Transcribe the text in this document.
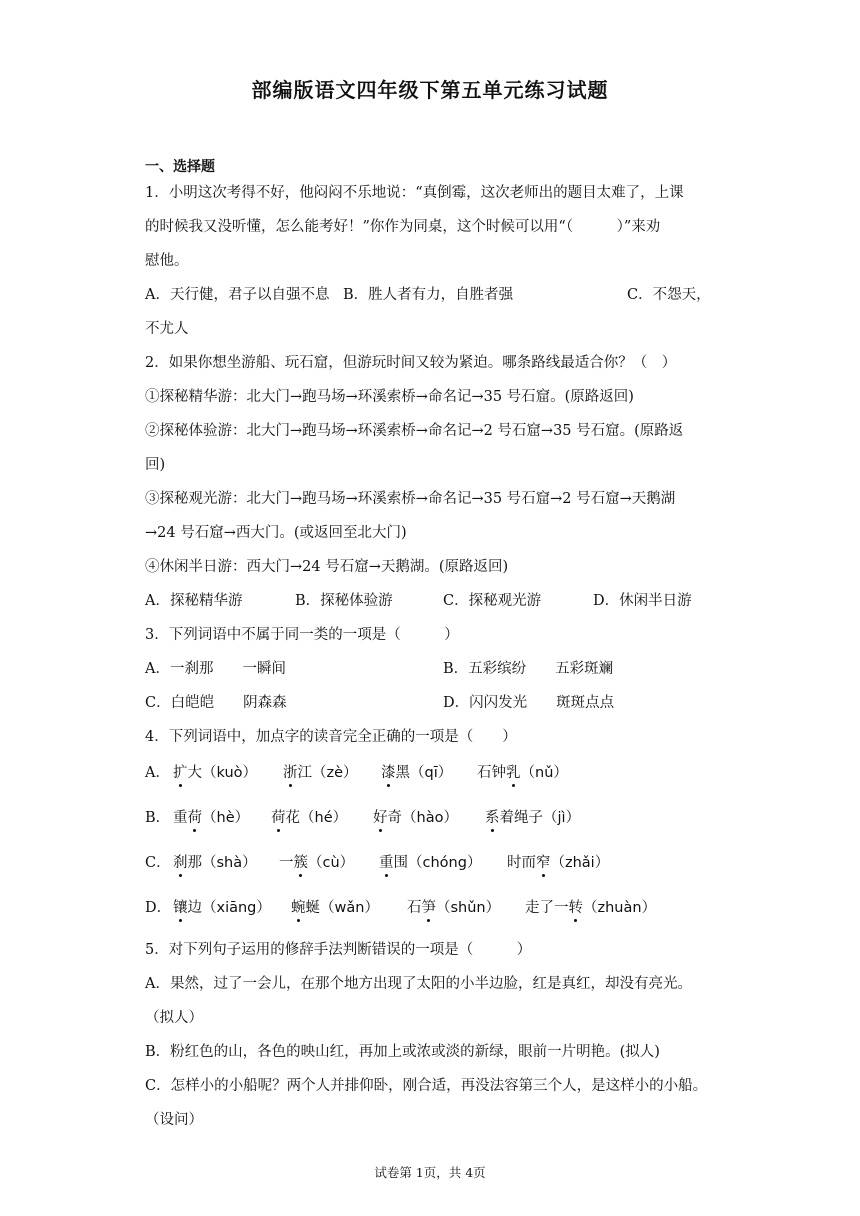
部编版语文四年级下第五单元练习试题
一、选择题
1．小明这次考得不好，他闷闷不乐地说：“真倒霉，这次老师出的题目太难了，上课
的时候我又没听懂，怎么能考好！”你作为同桌，这个时候可以用“（　　　）”来劝
慰他。
A．天行健，君子以自强不息 B．胜人者有力，自胜者强	C．不怨天，
不尤人
2．如果你想坐游船、玩石窟，但游玩时间又较为紧迫。哪条路线最适合你？（　）
①探秘精华游：北大门→跑马场→环溪索桥→命名记→35 号石窟。(原路返回)
②探秘体验游：北大门→跑马场→环溪索桥→命名记→2 号石窟→35 号石窟。(原路返
回)
③探秘观光游：北大门→跑马场→环溪索桥→命名记→35 号石窟→2 号石窟→天鹅湖
→24 号石窟→西大门。(或返回至北大门)
④休闲半日游：西大门→24 号石窟→天鹅湖。(原路返回)
A．探秘精华游	B．探秘体验游	C．探秘观光游	D．休闲半日游
3．下列词语中不属于同一类的一项是（　　　）
A．一刹那　　一瞬间	B．五彩缤纷　　五彩斑斓
C．白皑皑　　阴森森	D．闪闪发光　　斑斑点点
4．下列词语中，加点字的读音完全正确的一项是（　　）
A． 扩大（kuò） 浙江（zè） 漆黑（qī） 石钟乳（nǔ）
B． 重荷（hè） 荷花（hé） 好奇（hào） 系着绳子（jì）
C． 刹那（shà） 一簇（cù） 重围（chóng） 时而窄（zhǎi）
D． 镶边（xiāng） 蜿蜒（wǎn） 石笋（shǔn） 走了一转（zhuàn）
5．对下列句子运用的修辞手法判断错误的一项是（　　　）
A．果然，过了一会儿，在那个地方出现了太阳的小半边脸，红是真红，却没有亮光。
（拟人）
B．粉红色的山，各色的映山红，再加上或浓或淡的新绿，眼前一片明艳。(拟人)
C．怎样小的小船呢？两个人并排仰卧，刚合适，再没法容第三个人，是这样小的小船。
（设问）
试卷第 1页，共 4页
